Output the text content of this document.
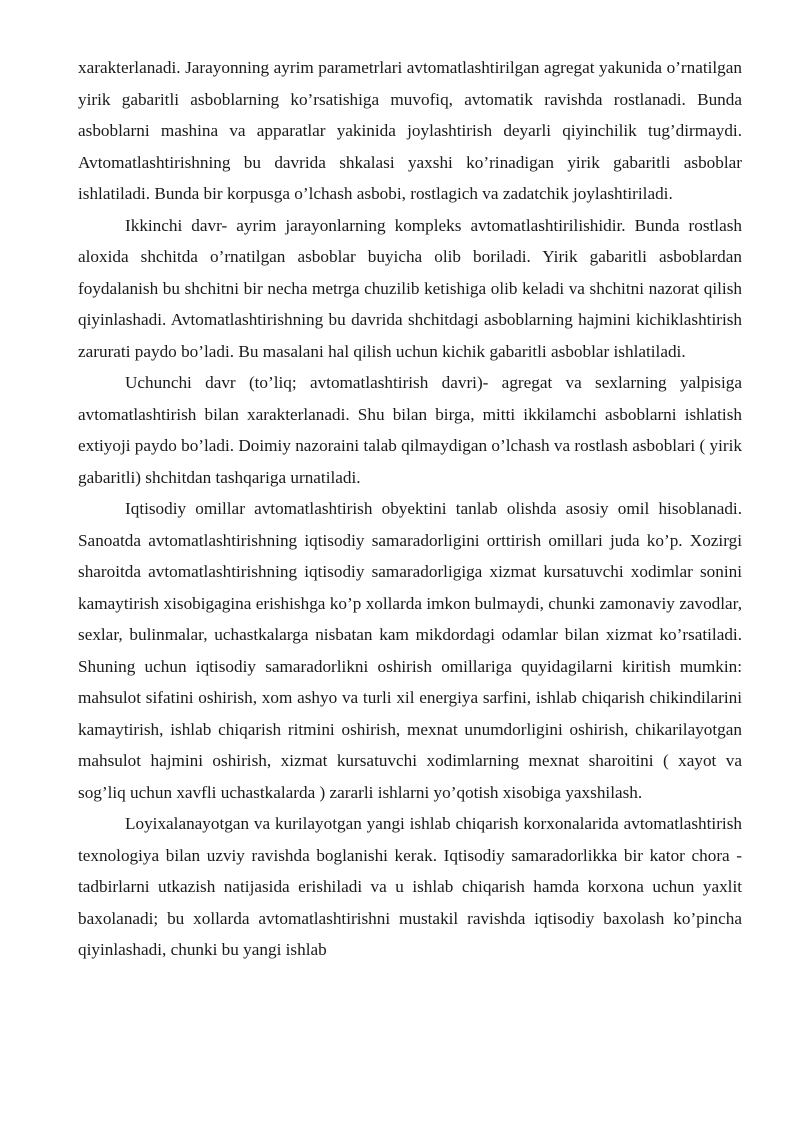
xarakterlanadi. Jarayonning ayrim parametrlari avtomatlashtirilgan agregat yakunida o’rnatilgan yirik gabaritli asboblarning ko’rsatishiga muvofiq, avtomatik ravishda rostlanadi. Bunda asboblarni mashina va apparatlar yakinida joylashtirish deyarli qiyinchilik tug’dirmaydi. Avtomatlashtirishning bu davrida shkalasi yaxshi ko’rinadigan yirik gabaritli asboblar ishlatiladi. Bunda bir korpusga o’lchash asbobi, rostlagich va zadatchik joylashtiriladi.

Ikkinchi davr- ayrim jarayonlarning kompleks avtomatlashtirilishidir. Bunda rostlash aloxida shchitda o’rnatilgan asboblar buyicha olib boriladi. Yirik gabaritli asboblardan foydalanish bu shchitni bir necha metrga chuzilib ketishiga olib keladi va shchitni nazorat qilish qiyinlashadi. Avtomatlashtirishning bu davrida shchitdagi asboblarning hajmini kichiklashtirish zarurati paydo bo’ladi. Bu masalani hal qilish uchun kichik gabaritli asboblar ishlatiladi.

Uchunchi davr (to’liq; avtomatlashtirish davri)- agregat va sexlarning yalpisiga avtomatlashtirish bilan xarakterlanadi. Shu bilan birga, mitti ikkilamchi asboblarni ishlatish extiyoji paydo bo’ladi. Doimiy nazoraini talab qilmaydigan o’lchash va rostlash asboblari ( yirik gabaritli) shchitdan tashqariga urnatiladi.

Iqtisodiy omillar avtomatlashtirish obyektini tanlab olishda asosiy omil hisoblanadi. Sanoatda avtomatlashtirishning iqtisodiy samaradorligini orttirish omillari juda ko’p. Xozirgi sharoitda avtomatlashtirishning iqtisodiy samaradorligiga xizmat kursatuvchi xodimlar sonini kamaytirish xisobigagina erishishga ko’p xollarda imkon bulmaydi, chunki zamonaviy zavodlar, sexlar, bulinmalar, uchastkalarga nisbatan kam mikdordagi odamlar bilan xizmat ko’rsatiladi. Shuning uchun iqtisodiy samaradorlikni oshirish omillariga quyidagilarni kiritish mumkin: mahsulot sifatini oshirish, xom ashyo va turli xil energiya sarfini, ishlab chiqarish chikindilarini kamaytirish, ishlab chiqarish ritmini oshirish, mexnat unumdorligini oshirish, chikarilayotgan mahsulot hajmini oshirish, xizmat kursatuvchi xodimlarning mexnat sharoitini ( xayot va sog’liq uchun xavfli uchastkalarda ) zararli ishlarni yo’qotish xisobiga yaxshilash.

Loyixalanayotgan va kurilayotgan yangi ishlab chiqarish korxonalarida avtomatlashtirish texnologiya bilan uzviy ravishda boglanishi kerak. Iqtisodiy samaradorlikka bir kator chora - tadbirlarni utkazish natijasida erishiladi va u ishlab chiqarish hamda korxona uchun yaxlit baxolanadi; bu xollarda avtomatlashtirishni mustakil ravishda iqtisodiy baxolash ko’pincha qiyinlashadi, chunki bu yangi ishlab
